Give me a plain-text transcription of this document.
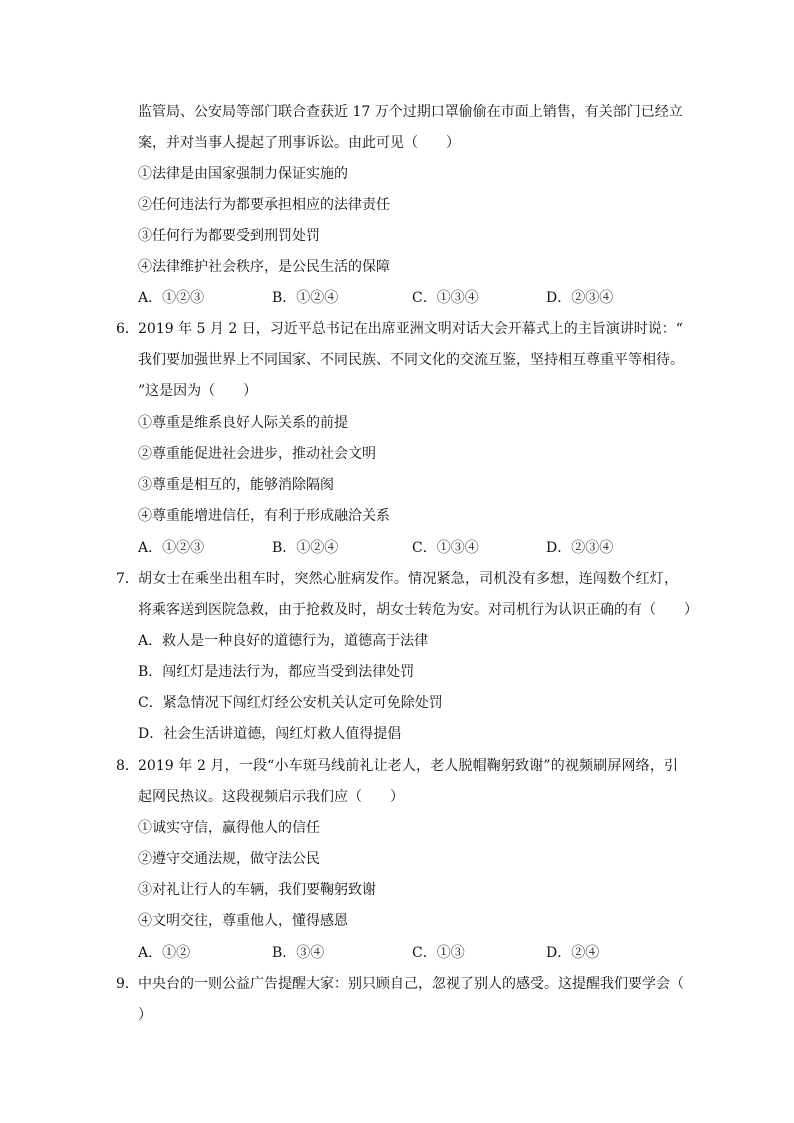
监管局、公安局等部门联合查获近 17 万个过期口罩偷偷在市面上销售，有关部门已经立
案，并对当事人提起了刑事诉讼。由此可见（　　）
①法律是由国家强制力保证实施的
②任何违法行为都要承担相应的法律责任
③任何行为都要受到刑罚处罚
④法律维护社会秩序，是公民生活的保障
A．①②③	B．①②④	C．①③④	D．②③④
6． 2019 年 5 月 2 日，习近平总书记在出席亚洲文明对话大会开幕式上的主旨演讲时说：“
我们要加强世界上不同国家、不同民族、不同文化的交流互鉴，坚持相互尊重平等相待。
”这是因为（　　）
①尊重是维系良好人际关系的前提
②尊重能促进社会进步，推动社会文明
③尊重是相互的，能够消除隔阂
④尊重能增进信任，有利于形成融洽关系
A．①②③	B．①②④	C．①③④	D．②③④
7． 胡女士在乘坐出租车时，突然心脏病发作。情况紧急，司机没有多想，连闯数个红灯，
将乘客送到医院急救，由于抢救及时，胡女士转危为安。对司机行为认识正确的有（　　）
A．救人是一种良好的道德行为，道德高于法律
B．闯红灯是违法行为，都应当受到法律处罚
C．紧急情况下闯红灯经公安机关认定可免除处罚
D．社会生活讲道德，闯红灯救人值得提倡
8． 2019 年 2 月，一段“小车斑马线前礼让老人，老人脱帽鞠躬致谢”的视频刷屏网络，引
起网民热议。这段视频启示我们应（　　）
①诚实守信，赢得他人的信任
②遵守交通法规，做守法公民
③对礼让行人的车辆，我们要鞠躬致谢
④文明交往，尊重他人，懂得感恩
A．①②	B．③④	C．①③	D．②④
9． 中央台的一则公益广告提醒大家：别只顾自己，忽视了别人的感受。这提醒我们要学会（
）
